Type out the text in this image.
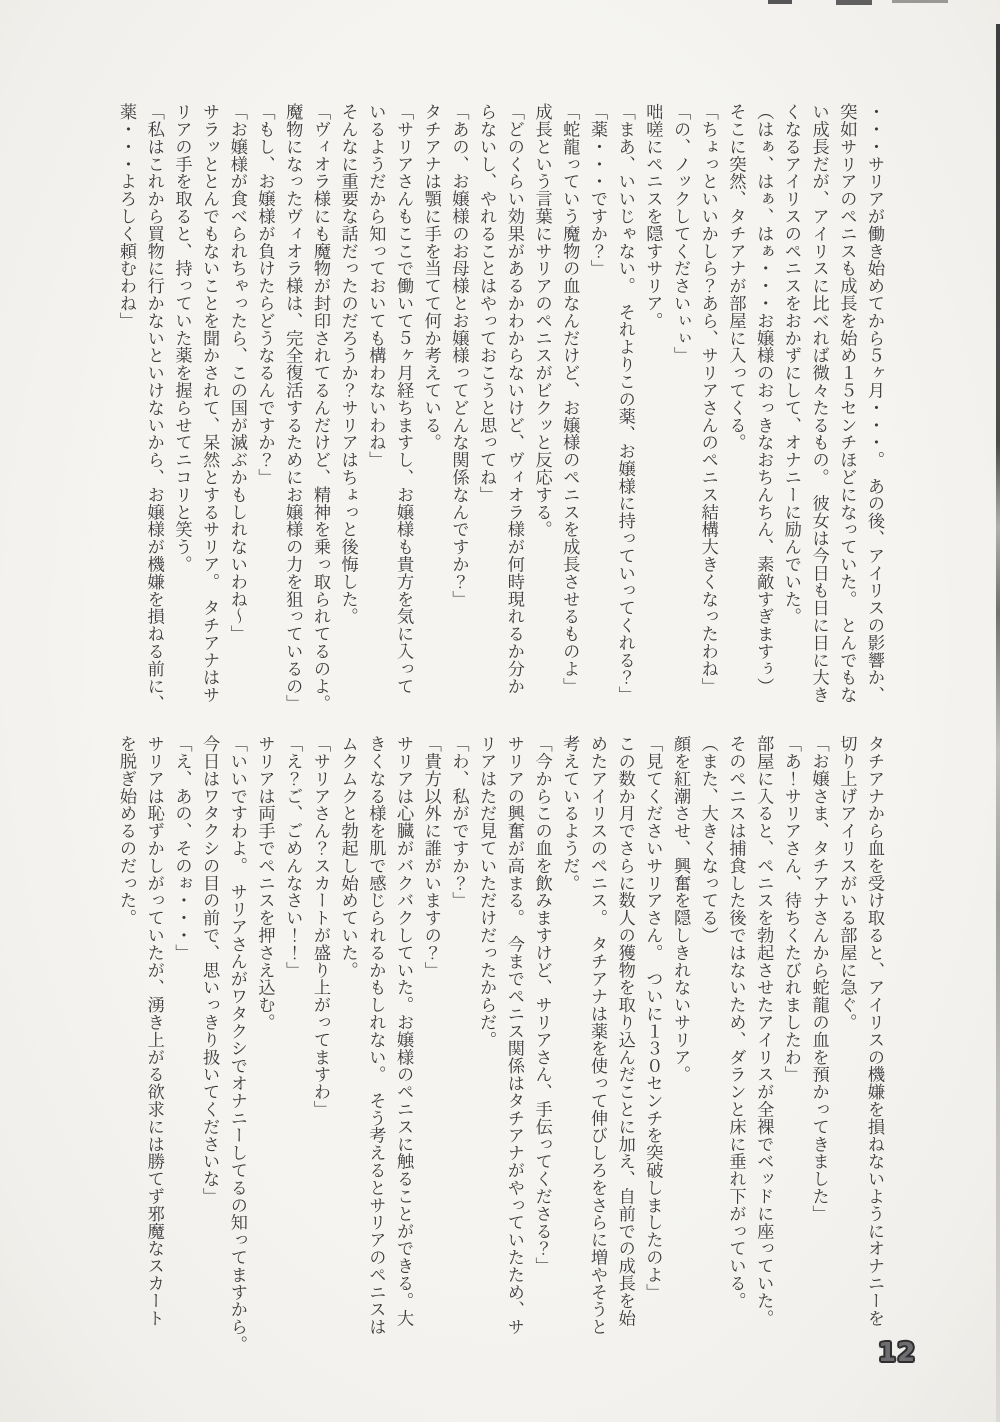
・・・サリアが働き始めてから５ヶ月・・・。　あの後、アイリスの影響か、
突如サリアのペニスも成長を始め１５センチほどになっていた。　とんでもな
い成長だが、アイリスに比べれば微々たるもの。　彼女は今日も日に日に大き
くなるアイリスのペニスをおかずにして、オナニーに励んでいた。
（はぁ、はぁ、はぁ・・・お嬢様のおっきなおちんちん、素敵すぎますぅ）
そこに突然、タチアナが部屋に入ってくる。
「ちょっといいかしら？あら、サリアさんのペニス結構大きくなったわね」
「の、ノックしてくださいぃぃ」
咄嗟にペニスを隠すサリア。
「まあ、いいじゃない。　それよりこの薬、お嬢様に持っていってくれる？」
「薬・・・ですか？」
「蛇龍っていう魔物の血なんだけど、お嬢様のペニスを成長させるものよ」
成長という言葉にサリアのペニスがビクッと反応する。
「どのくらい効果があるかわからないけど、ヴィオラ様が何時現れるか分か
らないし、やれることはやっておこうと思ってね」
「あの、お嬢様のお母様とお嬢様ってどんな関係なんですか？」
タチアナは顎に手を当てて何か考えている。
「サリアさんもここで働いて５ヶ月経ちますし、お嬢様も貴方を気に入って
いるようだから知っておいても構わないわね」
そんなに重要な話だったのだろうか？サリアはちょっと後悔した。
「ヴィオラ様にも魔物が封印されてるんだけど、精神を乗っ取られてるのよ。
魔物になったヴィオラ様は、完全復活するためにお嬢様の力を狙っているの」
「もし、お嬢様が負けたらどうなるんですか？」
「お嬢様が食べられちゃったら、この国が滅ぶかもしれないわね～」
サラッととんでもないことを聞かされて、呆然とするサリア。　タチアナはサ
リアの手を取ると、持っていた薬を握らせてニコリと笑う。
「私はこれから買物に行かないといけないから、お嬢様が機嫌を損ねる前に、
薬・・・よろしく頼むわね」
タチアナから血を受け取ると、アイリスの機嫌を損ねないようにオナニーを
切り上げアイリスがいる部屋に急ぐ。
「お嬢さま、タチアナさんから蛇龍の血を預かってきました」
「あ！サリアさん、待ちくたびれましたわ」
部屋に入ると、ペニスを勃起させたアイリスが全裸でベッドに座っていた。
そのペニスは捕食した後ではないため、ダランと床に垂れ下がっている。
（また、大きくなってる）
顔を紅潮させ、興奮を隠しきれないサリア。
「見てくださいサリアさん。　ついに１３０センチを突破しましたのよ」
この数か月でさらに数人の獲物を取り込んだことに加え、自前での成長を始
めたアイリスのペニス。　タチアナは薬を使って伸びしろをさらに増やそうと
考えているようだ。
「今からこの血を飲みますけど、サリアさん、手伝ってくださる？」
サリアの興奮が高まる。　今までペニス関係はタチアナがやっていたため、サ
リアはただ見ていただけだったからだ。
「わ、私がですか？」
「貴方以外に誰がいますの？」
サリアは心臓がバクバクしていた。お嬢様のペニスに触ることができる。大
きくなる様を肌で感じられるかもしれない。　そう考えるとサリアのペニスは
ムクムクと勃起し始めていた。
「サリアさん？スカートが盛り上がってますわ」
「え？ご、ごめんなさい！！」
サリアは両手でペニスを押さえ込む。
「いいですわよ。　サリアさんがワタクシでオナニーしてるの知ってますから。
今日はワタクシの目の前で、思いっきり扱いてくださいな」
「え、あの、そのぉ・・・」
サリアは恥ずかしがっていたが、湧き上がる欲求には勝てず邪魔なスカート
を脱ぎ始めるのだった。
12
